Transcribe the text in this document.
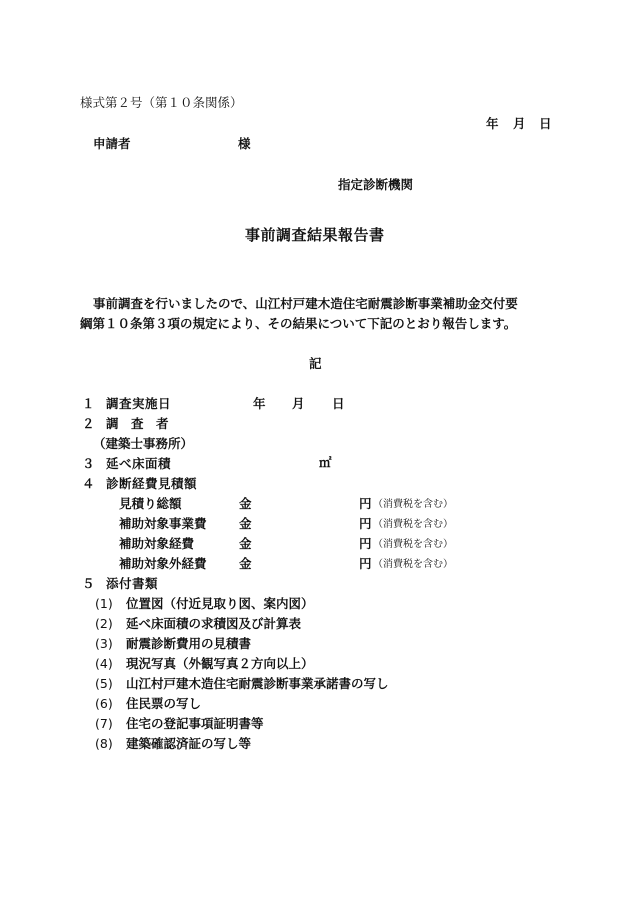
様式第２号（第１０条関係）
年 月 日
申請者	様
指定診断機関
事前調査結果報告書
事前調査を行いましたので、山江村戸建木造住宅耐震診断事業補助金交付要
綱第１０条第３項の規定により、その結果について下記のとおり報告します。
記
１ 調査実施日	年 月 日
２ 調　査　者
（建築士事務所）
３ 延べ床面積	㎡
４ 診断経費見積額
見積り総額	金	円 （消費税を含む）
補助対象事業費	金	円 （消費税を含む）
補助対象経費	金	円 （消費税を含む）
補助対象外経費	金	円 （消費税を含む）
５ 添付書類
(1) 位置図（付近見取り図、案内図）
(2) 延べ床面積の求積図及び計算表
(3) 耐震診断費用の見積書
(4) 現況写真（外観写真２方向以上）
(5) 山江村戸建木造住宅耐震診断事業承諾書の写し
(6) 住民票の写し
(7) 住宅の登記事項証明書等
(8) 建築確認済証の写し等
